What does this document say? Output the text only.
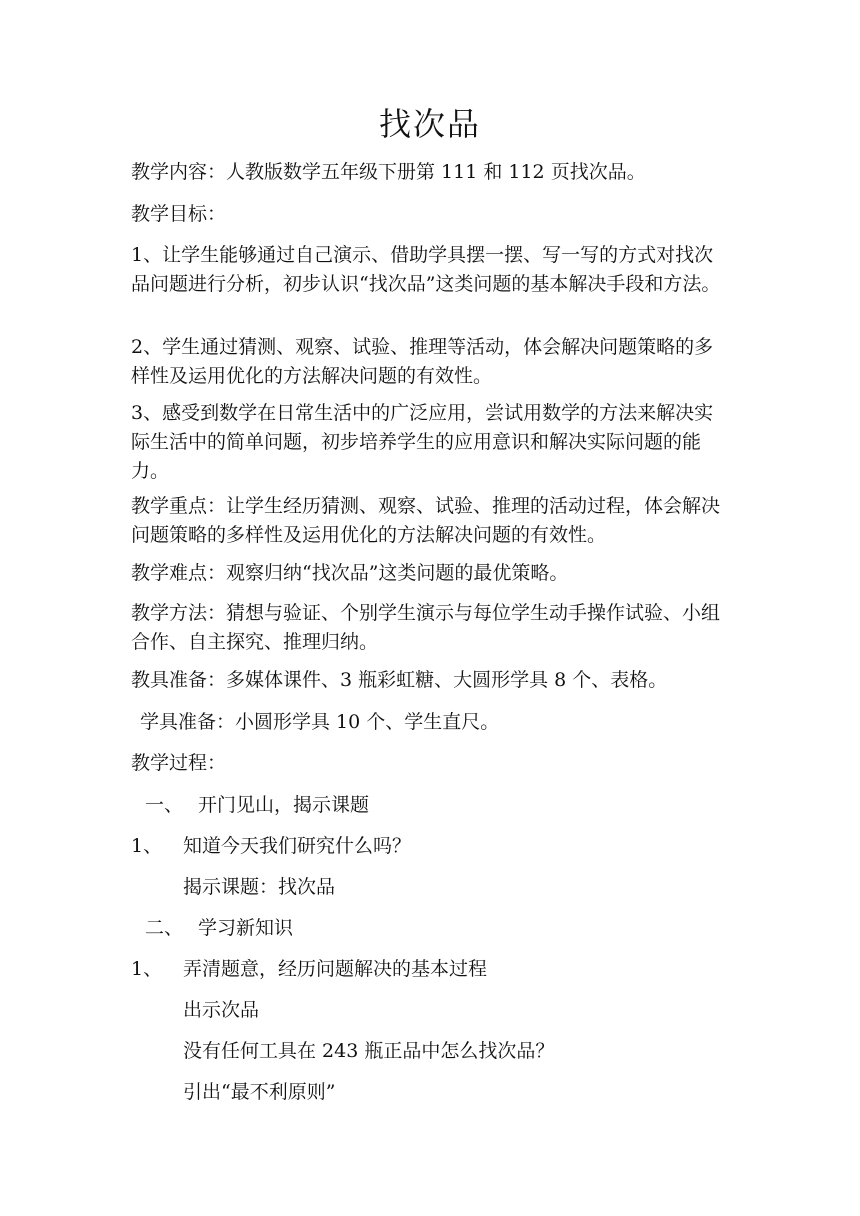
找次品
教学内容：人教版数学五年级下册第 111 和 112 页找次品。
教学目标：
1、让学生能够通过自己演示、借助学具摆一摆、写一写的方式对找次品问题进行分析，初步认识“找次品”这类问题的基本解决手段和方法。
2、学生通过猜测、观察、试验、推理等活动，体会解决问题策略的多样性及运用优化的方法解决问题的有效性。
3、感受到数学在日常生活中的广泛应用，尝试用数学的方法来解决实际生活中的简单问题，初步培养学生的应用意识和解决实际问题的能力。
教学重点：让学生经历猜测、观察、试验、推理的活动过程，体会解决问题策略的多样性及运用优化的方法解决问题的有效性。
教学难点：观察归纳“找次品”这类问题的最优策略。
教学方法：猜想与验证、个别学生演示与每位学生动手操作试验、小组合作、自主探究、推理归纳。
教具准备：多媒体课件、3 瓶彩虹糖、大圆形学具 8 个、表格。
学具准备：小圆形学具 10 个、学生直尺。
教学过程：
一、 开门见山，揭示课题
1、 知道今天我们研究什么吗？
揭示课题：找次品
二、 学习新知识
1、 弄清题意，经历问题解决的基本过程
出示次品
没有任何工具在 243 瓶正品中怎么找次品？
引出“最不利原则”
